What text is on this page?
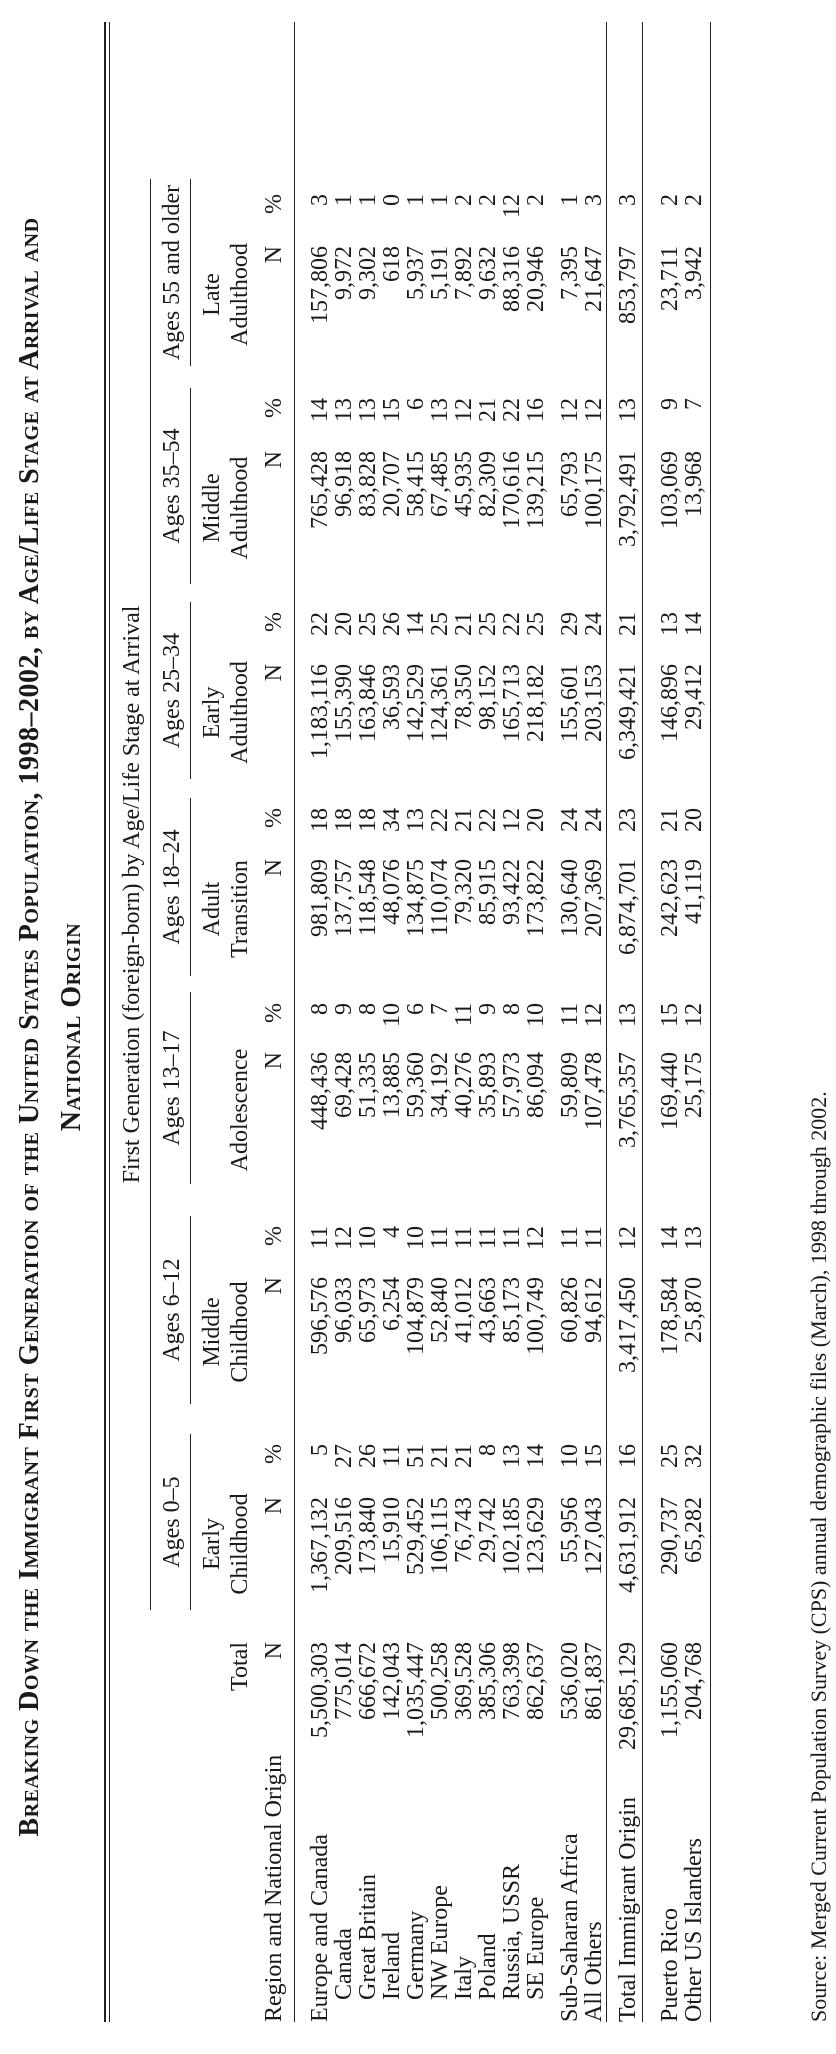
Breaking Down the Immigrant First Generation of the United States Population, 1998–2002, by Age/Life Stage at Arrival and National Origin First Generation (foreign-born) by Age/Life Stage at Arrival
Ages 0–5 Early Childhood N
%
Ages 6–12 Middle Childhood N
%
Ages 13–17 Adolescence N
%
Ages 18–24 Adult Transition N
%
Ages 25–34 Early Adulthood N
%
Ages 35–54 Middle Adulthood N
%
Ages 55 and older Late Adulthood N
%
Region and National Origin
Total N
Europe and Canada
5,500,303
1,367,132
5
596,576
11
448,436
8
981,809
18
1,183,116
22
765,428
14
157,806
3
Canada
775,014
209,516
27
96,033
12
69,428
9
137,757
18
155,390
20
96,918
13
9,972
1
Great Britain
666,672
173,840
26
65,973
10
51,335
8
118,548
18
163,846
25
83,828
13
9,302
1
Ireland
142,043
15,910
11
6,254
4
13,885
10
48,076
34
36,593
26
20,707
15
618
0
Germany
1,035,447
529,452
51
104,879
10
59,360
6
134,875
13
142,529
14
58,415
6
5,937
1
NW Europe
500,258
106,115
21
52,840
11
34,192
7
110,074
22
124,361
25
67,485
13
5,191
1
Italy
369,528
76,743
21
41,012
11
40,276
11
79,320
21
78,350
21
45,935
12
7,892
2
Poland
385,306
29,742
8
43,663
11
35,893
9
85,915
22
98,152
25
82,309
21
9,632
2
Russia, USSR
763,398
102,185
13
85,173
11
57,973
8
93,422
12
165,713
22
170,616
22
88,316
12
SE Europe
862,637
123,629
14
100,749
12
86,094
10
173,822
20
218,182
25
139,215
16
20,946
2
Sub-Saharan Africa
536,020
55,956
10
60,826
11
59,809
11
130,640
24
155,601
29
65,793
12
7,395
1
All Others
861,837
127,043
15
94,612
11
107,478
12
207,369
24
203,153
24
100,175
12
21,647
3
Total Immigrant Origin
29,685,129
4,631,912
16
3,417,450
12
3,765,357
13
6,874,701
23
6,349,421
21
3,792,491
13
853,797
3
Puerto Rico
1,155,060
290,737
25
178,584
14
169,440
15
242,623
21
146,896
13
103,069
9
23,711
2
Other US Islanders
204,768
65,282
32
25,870
13
25,175
12
41,119
20
29,412
14
13,968
7
3,942
2
Source: Merged Current Population Survey (CPS) annual demographic files (March), 1998 through 2002.
